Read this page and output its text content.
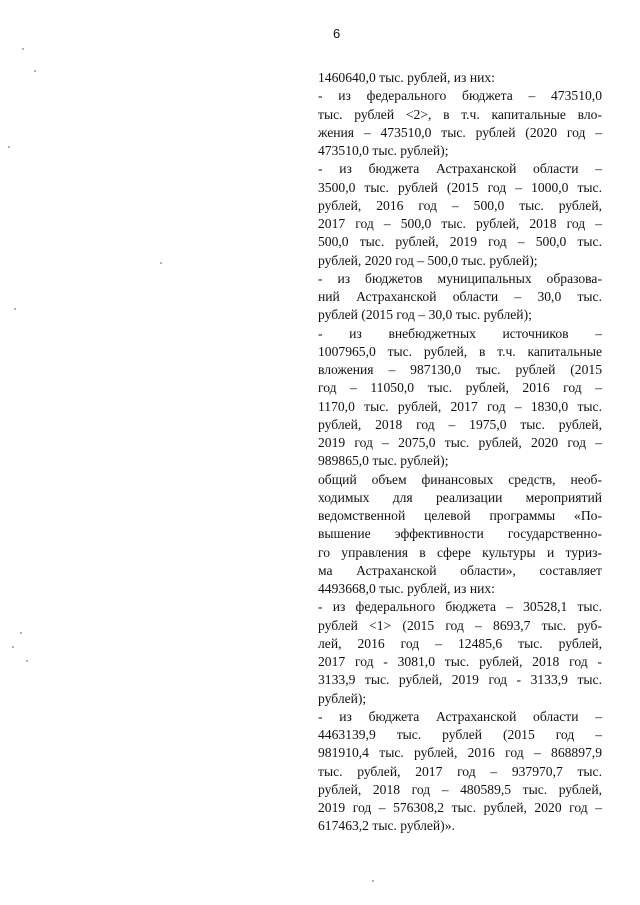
6
1460640,0 тыс. рублей, из них:
- из федерального бюджета – 473510,0
тыс. рублей <2>, в т.ч. капитальные вло-
жения – 473510,0 тыс. рублей (2020 год –
473510,0 тыс. рублей);
- из бюджета Астраханской области –
3500,0 тыс. рублей (2015 год – 1000,0 тыс.
рублей, 2016 год – 500,0 тыс. рублей,
2017 год – 500,0 тыс. рублей, 2018 год –
500,0 тыс. рублей, 2019 год – 500,0 тыс.
рублей, 2020 год – 500,0 тыс. рублей);
- из бюджетов муниципальных образова-
ний Астраханской области – 30,0 тыс.
рублей (2015 год – 30,0 тыс. рублей);
- из внебюджетных источников –
1007965,0 тыс. рублей, в т.ч. капитальные
вложения – 987130,0 тыс. рублей (2015
год – 11050,0 тыс. рублей, 2016 год –
1170,0 тыс. рублей, 2017 год – 1830,0 тыс.
рублей, 2018 год – 1975,0 тыс. рублей,
2019 год – 2075,0 тыс. рублей, 2020 год –
989865,0 тыс. рублей);
общий объем финансовых средств, необ-
ходимых для реализации мероприятий
ведомственной целевой программы «По-
вышение эффективности государственно-
го управления в сфере культуры и туриз-
ма Астраханской области», составляет
4493668,0 тыс. рублей, из них:
- из федерального бюджета – 30528,1 тыс.
рублей <1> (2015 год – 8693,7 тыс. руб-
лей, 2016 год – 12485,6 тыс. рублей,
2017 год - 3081,0 тыс. рублей, 2018 год -
3133,9 тыс. рублей, 2019 год - 3133,9 тыс.
рублей);
- из бюджета Астраханской области –
4463139,9 тыс. рублей (2015 год –
981910,4 тыс. рублей, 2016 год – 868897,9
тыс. рублей, 2017 год – 937970,7 тыс.
рублей, 2018 год – 480589,5 тыс. рублей,
2019 год – 576308,2 тыс. рублей, 2020 год –
617463,2 тыс. рублей)».
